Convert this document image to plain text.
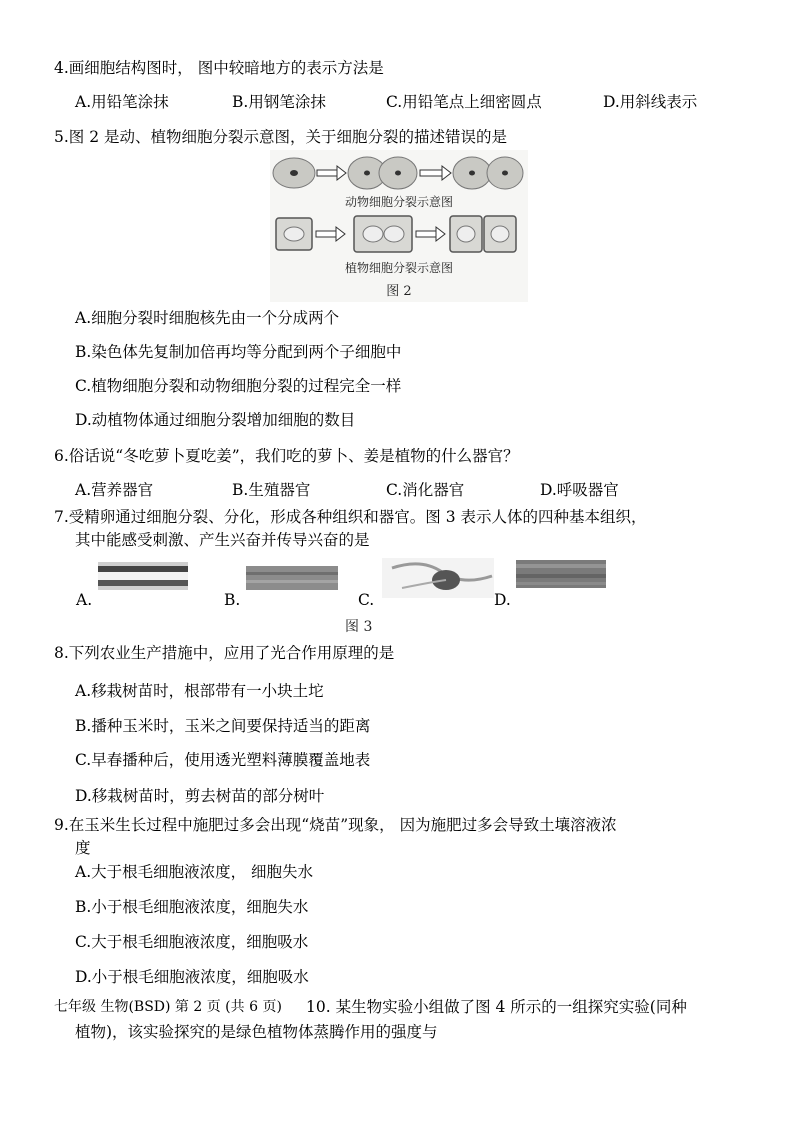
4.画细胞结构图时， 图中较暗地方的表示方法是
A.用铅笔涂抹	B.用钢笔涂抹	C.用铅笔点上细密圆点	D.用斜线表示
5.图 2 是动、植物细胞分裂示意图，关于细胞分裂的描述错误的是
动物细胞分裂示意图
植物细胞分裂示意图
图 2
A.细胞分裂时细胞核先由一个分成两个
B.染色体先复制加倍再均等分配到两个子细胞中
C.植物细胞分裂和动物细胞分裂的过程完全一样
D.动植物体通过细胞分裂增加细胞的数目
6.俗话说“冬吃萝卜夏吃姜”，我们吃的萝卜、姜是植物的什么器官？
A.营养器官	B.生殖器官	C.消化器官	D.呼吸器官
7.受精卵通过细胞分裂、分化，形成各种组织和器官。图 3 表示人体的四种基本组织，
其中能感受刺激、产生兴奋并传导兴奋的是
A.	B.	C.	D.
图 3
8.下列农业生产措施中，应用了光合作用原理的是
A.移栽树苗时，根部带有一小块土坨
B.播种玉米时，玉米之间要保持适当的距离
C.早春播种后，使用透光塑料薄膜覆盖地表
D.移栽树苗时，剪去树苗的部分树叶
9.在玉米生长过程中施肥过多会出现“烧苗”现象， 因为施肥过多会导致土壤溶液浓
度
A.大于根毛细胞液浓度， 细胞失水
B.小于根毛细胞液浓度，细胞失水
C.大于根毛细胞液浓度，细胞吸水
D.小于根毛细胞液浓度，细胞吸水
七年级 生物(BSD) 第 2 页 (共 6 页) 10. 某生物实验小组做了图 4 所示的一组探究实验(同种
植物)，该实验探究的是绿色植物体蒸腾作用的强度与
